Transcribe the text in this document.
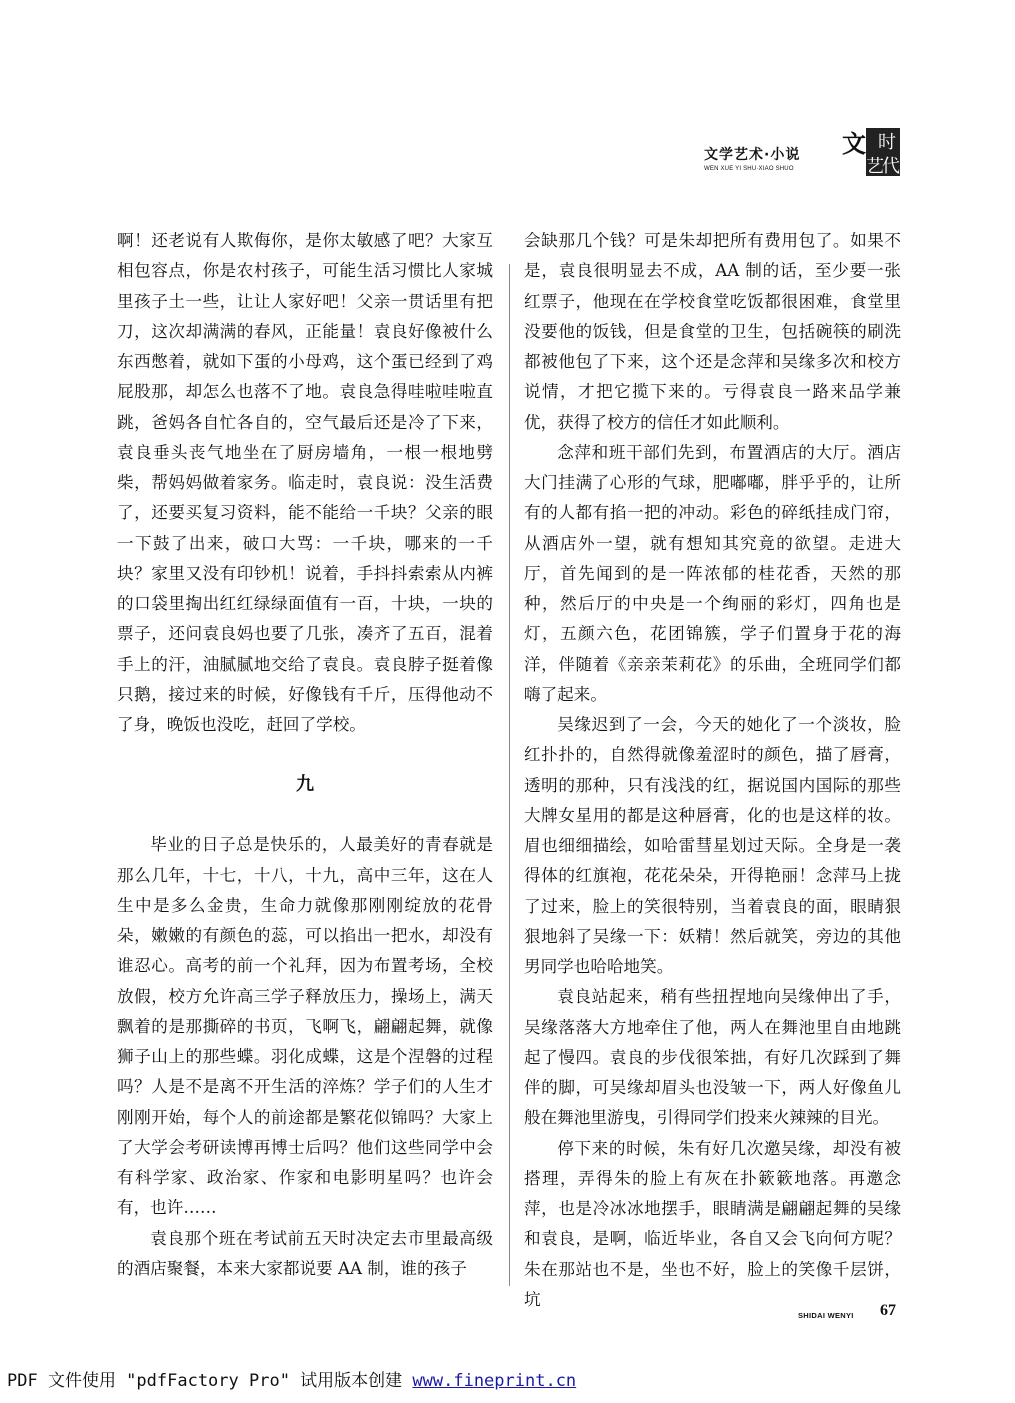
文学艺术·小说
WEN XUE YI SHU·XIAO SHUO
文 时
艺
代

啊！还老说有人欺侮你，是你太敏感了吧？大家互相包容点，你是农村孩子，可能生活习惯比人家城里孩子土一些，让让人家好吧！父亲一贯话里有把刀，这次却满满的春风，正能量！袁良好像被什么东西憋着，就如下蛋的小母鸡，这个蛋已经到了鸡屁股那，却怎么也落不了地。袁良急得哇啦哇啦直跳，爸妈各自忙各自的，空气最后还是冷了下来，袁良垂头丧气地坐在了厨房墙角，一根一根地劈柴，帮妈妈做着家务。临走时，袁良说：没生活费了，还要买复习资料，能不能给一千块？父亲的眼一下鼓了出来，破口大骂：一千块，哪来的一千块？家里又没有印钞机！说着，手抖抖索索从内裤的口袋里掏出红红绿绿面值有一百，十块，一块的票子，还问袁良妈也要了几张，凑齐了五百，混着手上的汗，油腻腻地交给了袁良。袁良脖子挺着像只鹅，接过来的时候，好像钱有千斤，压得他动不了身，晚饭也没吃，赶回了学校。

九

毕业的日子总是快乐的，人最美好的青春就是那么几年，十七，十八，十九，高中三年，这在人生中是多么金贵，生命力就像那刚刚绽放的花骨朵，嫩嫩的有颜色的蕊，可以掐出一把水，却没有谁忍心。高考的前一个礼拜，因为布置考场，全校放假，校方允许高三学子释放压力，操场上，满天飘着的是那撕碎的书页，飞啊飞，翩翩起舞，就像狮子山上的那些蝶。羽化成蝶，这是个涅磐的过程吗？人是不是离不开生活的淬炼？学子们的人生才刚刚开始，每个人的前途都是繁花似锦吗？大家上了大学会考研读博再博士后吗？他们这些同学中会有科学家、政治家、作家和电影明星吗？也许会有，也许……

袁良那个班在考试前五天时决定去市里最高级的酒店聚餐，本来大家都说要 AA 制，谁的孩子

会缺那几个钱？可是朱却把所有费用包了。如果不是，袁良很明显去不成，AA 制的话，至少要一张红票子，他现在在学校食堂吃饭都很困难，食堂里没要他的饭钱，但是食堂的卫生，包括碗筷的刷洗都被他包了下来，这个还是念萍和吴缘多次和校方说情，才把它揽下来的。亏得袁良一路来品学兼优，获得了校方的信任才如此顺利。

念萍和班干部们先到，布置酒店的大厅。酒店大门挂满了心形的气球，肥嘟嘟，胖乎乎的，让所有的人都有掐一把的冲动。彩色的碎纸挂成门帘，从酒店外一望，就有想知其究竟的欲望。走进大厅，首先闻到的是一阵浓郁的桂花香，天然的那种，然后厅的中央是一个绚丽的彩灯，四角也是灯，五颜六色，花团锦簇，学子们置身于花的海洋，伴随着《亲亲茉莉花》的乐曲，全班同学们都嗨了起来。

吴缘迟到了一会，今天的她化了一个淡妆，脸红扑扑的，自然得就像羞涩时的颜色，描了唇膏，透明的那种，只有浅浅的红，据说国内国际的那些大牌女星用的都是这种唇膏，化的也是这样的妆。眉也细细描绘，如哈雷彗星划过天际。全身是一袭得体的红旗袍，花花朵朵，开得艳丽！念萍马上拢了过来，脸上的笑很特别，当着袁良的面，眼睛狠狠地斜了吴缘一下：妖精！然后就笑，旁边的其他男同学也哈哈地笑。

袁良站起来，稍有些扭捏地向吴缘伸出了手，吴缘落落大方地牵住了他，两人在舞池里自由地跳起了慢四。袁良的步伐很笨拙，有好几次踩到了舞伴的脚，可吴缘却眉头也没皱一下，两人好像鱼儿般在舞池里游曳，引得同学们投来火辣辣的目光。

停下来的时候，朱有好几次邀吴缘，却没有被搭理，弄得朱的脸上有灰在扑簌簌地落。再邀念萍，也是冷冰冰地摆手，眼睛满是翩翩起舞的吴缘和袁良，是啊，临近毕业，各自又会飞向何方呢？朱在那站也不是，坐也不好，脸上的笑像千层饼，坑

SHIDAI WENYI 67
PDF 文件使用 "pdfFactory Pro" 试用版本创建 www.fineprint.cn
